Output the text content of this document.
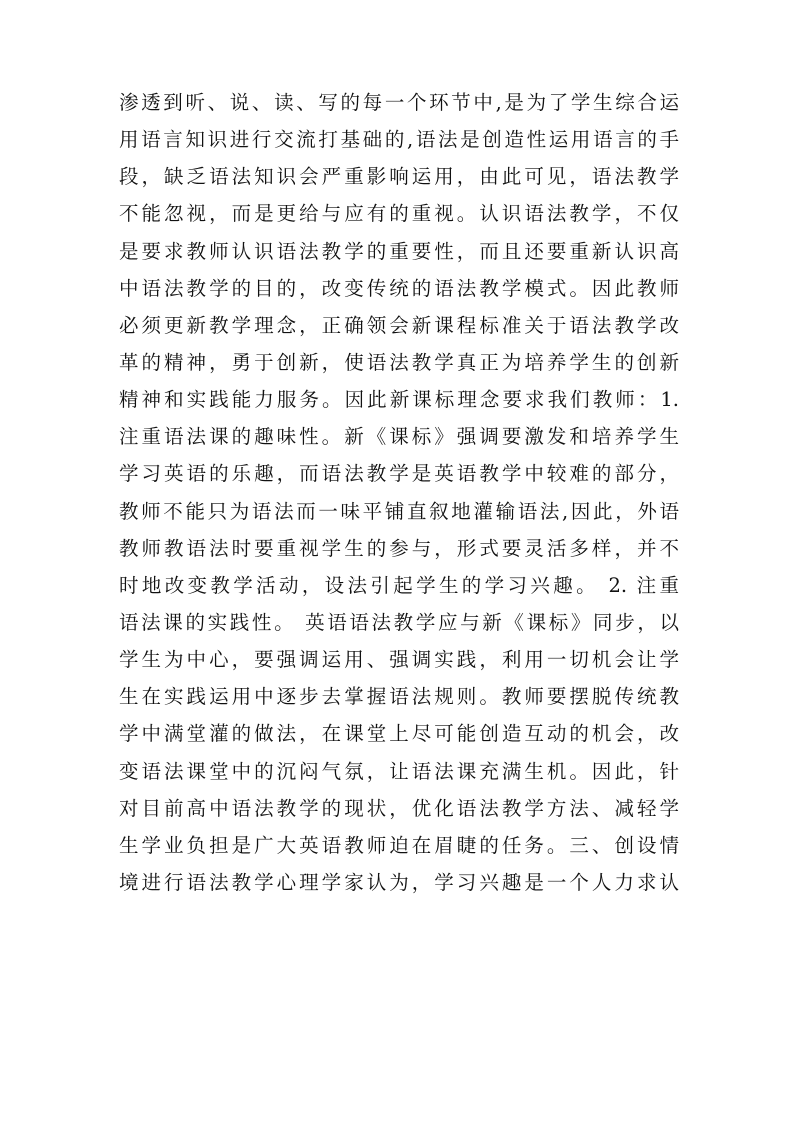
渗透到听、说、读、写的每一个环节中,是为了学生综合运
用语言知识进行交流打基础的,语法是创造性运用语言的手
段，缺乏语法知识会严重影响运用，由此可见，语法教学
不能忽视，而是更给与应有的重视。认识语法教学，不仅
是要求教师认识语法教学的重要性，而且还要重新认识高
中语法教学的目的，改变传统的语法教学模式。因此教师
必须更新教学理念，正确领会新课程标准关于语法教学改
革的精神，勇于创新，使语法教学真正为培养学生的创新
精神和实践能力服务。因此新课标理念要求我们教师：1.
注重语法课的趣味性。新《课标》强调要激发和培养学生
学习英语的乐趣，而语法教学是英语教学中较难的部分，
教师不能只为语法而一味平铺直叙地灌输语法,因此，外语
教师教语法时要重视学生的参与，形式要灵活多样，并不
时地改变教学活动，设法引起学生的学习兴趣。 2. 注重
语法课的实践性。 英语语法教学应与新《课标》同步，以
学生为中心，要强调运用、强调实践，利用一切机会让学
生在实践运用中逐步去掌握语法规则。教师要摆脱传统教
学中满堂灌的做法，在课堂上尽可能创造互动的机会，改
变语法课堂中的沉闷气氛，让语法课充满生机。因此，针
对目前高中语法教学的现状，优化语法教学方法、减轻学
生学业负担是广大英语教师迫在眉睫的任务。三、创设情
境进行语法教学心理学家认为，学习兴趣是一个人力求认
